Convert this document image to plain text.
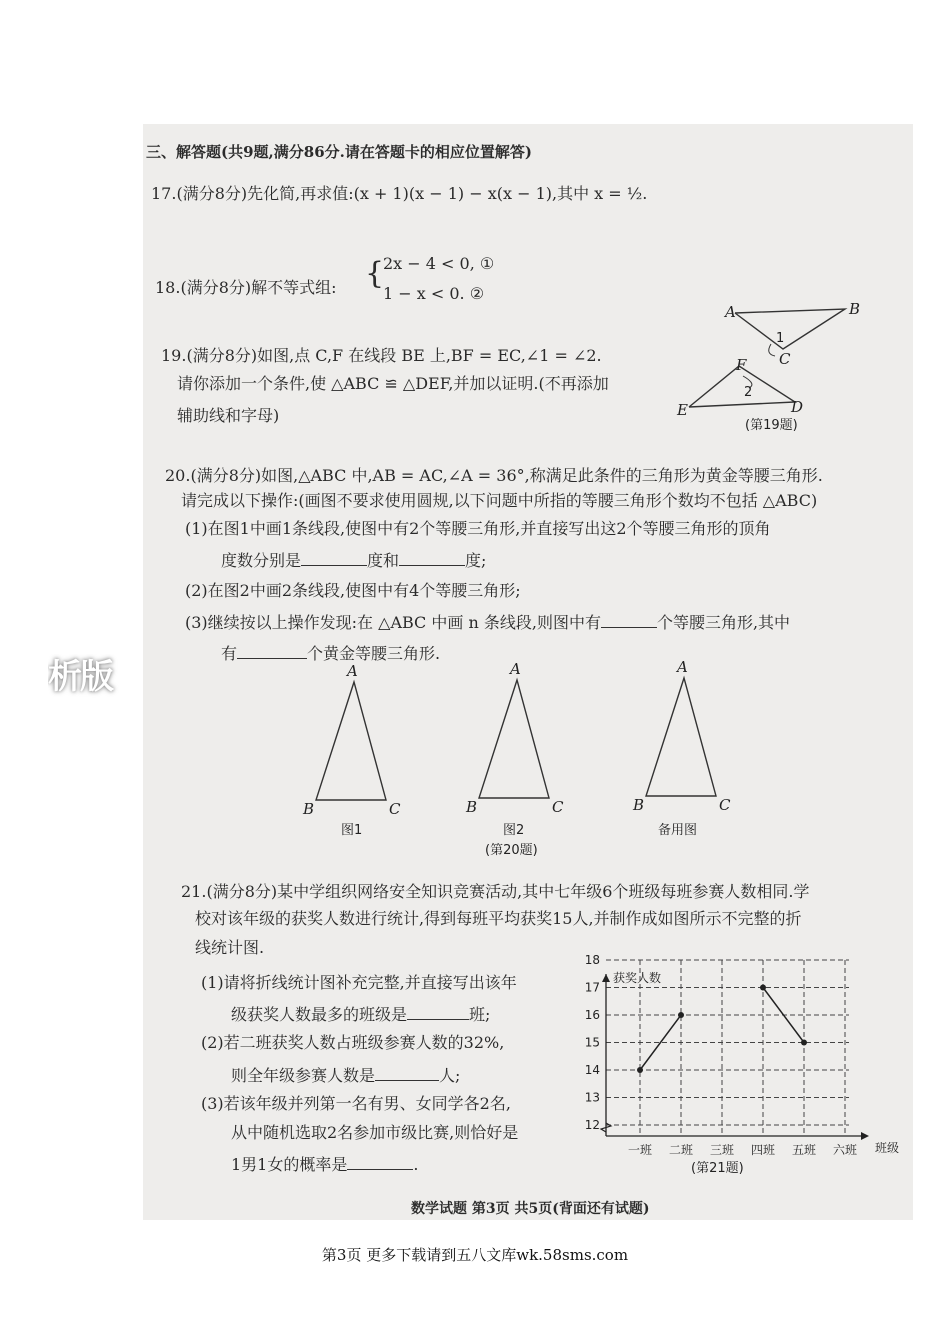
三、解答题(共9题,满分86分.请在答题卡的相应位置解答)
17.(满分8分)先化简,再求值:(x + 1)(x − 1) − x(x − 1),其中 x = ½.
18.(满分8分)解不等式组: {
2x − 4 < 0, ①
1 − x < 0. ②
19.(满分8分)如图,点 C,F 在线段 BE 上,BF = EC,∠1 = ∠2.
请你添加一个条件,使 △ABC ≌ △DEF,并加以证明.(不再添加
辅助线和字母)
A	B
C
F
E	D
1
2
(第19题)
20.(满分8分)如图,△ABC 中,AB = AC,∠A = 36°,称满足此条件的三角形为黄金等腰三角形.
请完成以下操作:(画图不要求使用圆规,以下问题中所指的等腰三角形个数均不包括 △ABC)
(1)在图1中画1条线段,使图中有2个等腰三角形,并直接写出这2个等腰三角形的顶角
度数分别是	度和	度;
(2)在图2中画2条线段,使图中有4个等腰三角形;
(3)继续按以上操作发现:在 △ABC 中画 n 条线段,则图中有	个等腰三角形,其中
有	个黄金等腰三角形.
A
B	C
A
B	C
A
B	C
图1	图2	备用图
(第20题)
21.(满分8分)某中学组织网络安全知识竞赛活动,其中七年级6个班级每班参赛人数相同.学
校对该年级的获奖人数进行统计,得到每班平均获奖15人,并制作成如图所示不完整的折
线统计图.
(1)请将折线统计图补充完整,并直接写出该年
级获奖人数最多的班级是	班;
(2)若二班获奖人数占班级参赛人数的32%,
则全年级参赛人数是	人;
(3)若该年级并列第一名有男、女同学各2名,
从中随机选取2名参加市级比赛,则恰好是
1男1女的概率是	.
12
13
14
15
16
17
18
一班 二班 三班 四班 五班 六班
获奖人数
班级
(第21题)
数学试题 第3页 共5页(背面还有试题)
析版
第3页 更多下载请到五八文库wk.58sms.com
